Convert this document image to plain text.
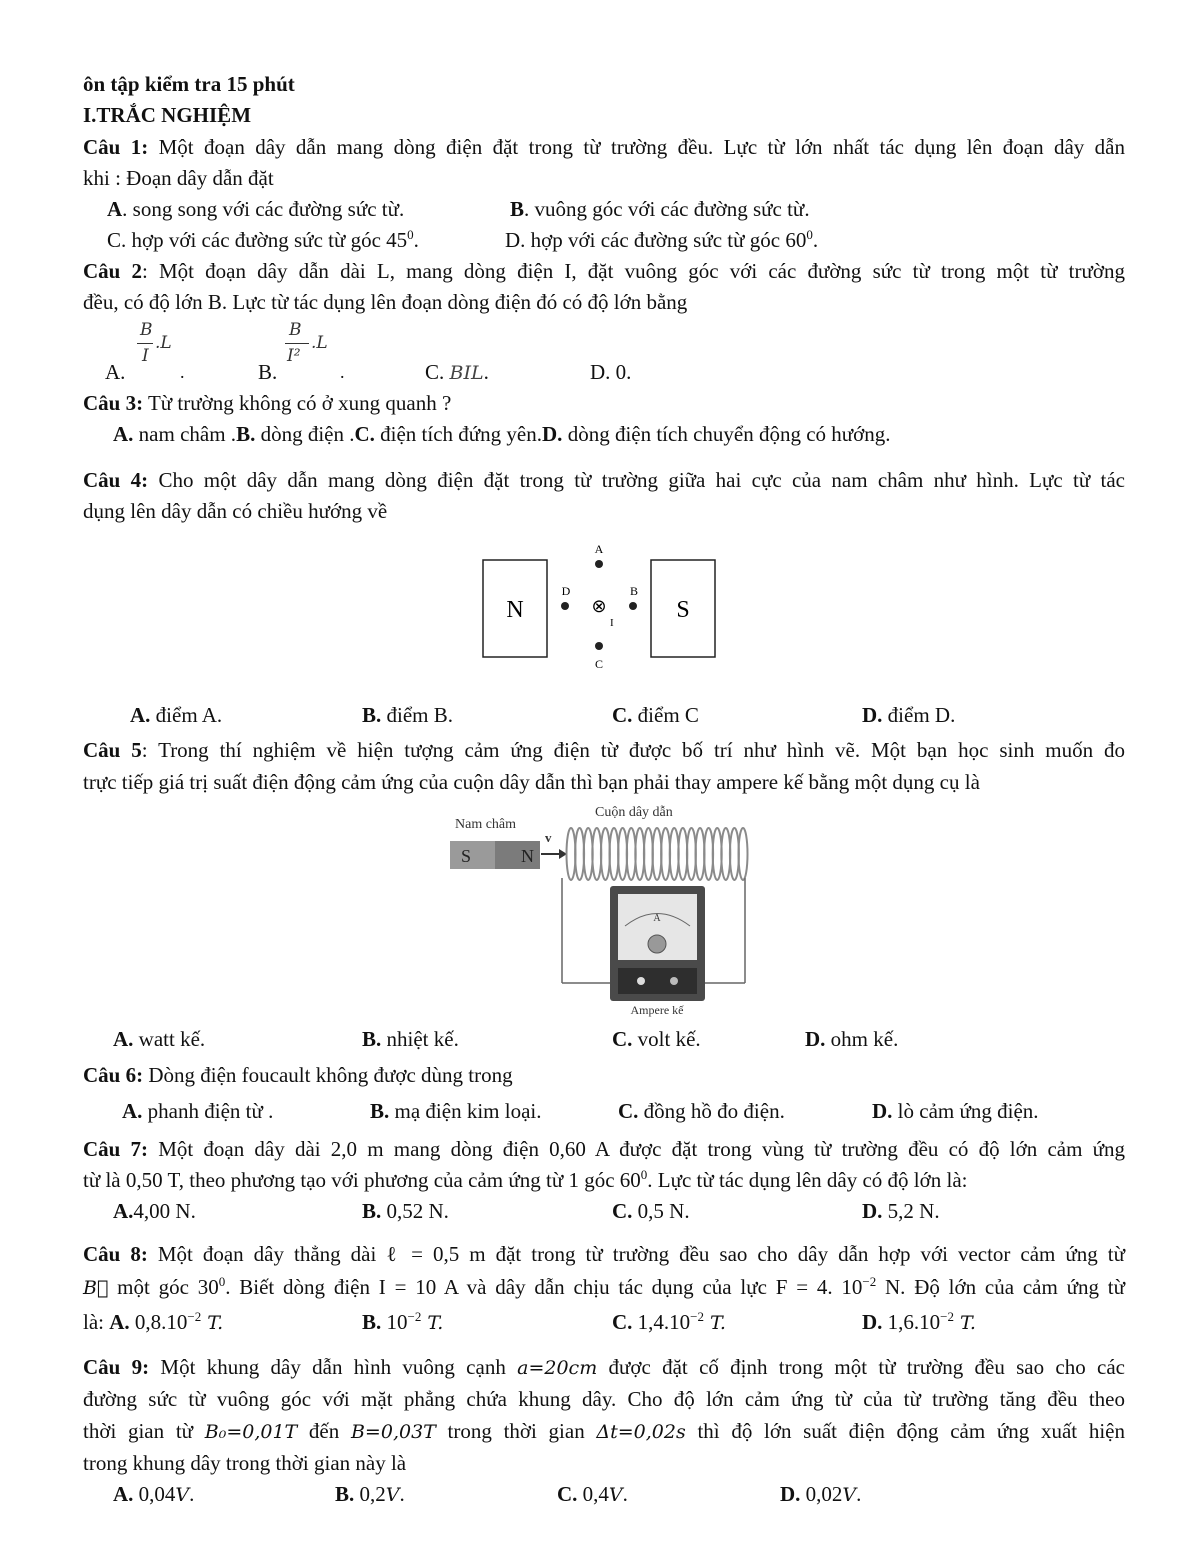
ôn tập kiểm tra 15 phút
I.TRẮC NGHIỆM
Câu 1: Một đoạn dây dẫn mang dòng điện đặt trong từ trường đều. Lực từ lớn nhất tác dụng lên đoạn dây dẫn
khi : Đoạn dây dẫn đặt
A. song song với các đường sức từ.	B. vuông góc với các đường sức từ.
C. hợp với các đường sức từ góc $45^0$.	D. hợp với các đường sức từ góc $60^0$.
Câu 2: Một đoạn dây dẫn dài L, mang dòng điện I, đặt vuông góc với các đường sức từ trong một từ trường
đều, có độ lớn B. Lực từ tác dụng lên đoạn dòng điện đó có độ lớn bằng
A.
B
I
.L
.	B.
B
I²
.L
.	C. BIL.	D. 0.
Câu 3: Từ trường không có ở xung quanh ?
A. nam châm .B. dòng điện .C. điện tích đứng yên.D. dòng điện tích chuyển động có hướng.
Câu 4: Cho một dây dẫn mang dòng điện đặt trong từ trường giữa hai cực của nam châm như hình. Lực từ tác
dụng lên dây dẫn có chiều hướng về
N	S
A
D	B
C
⊗
I
A. điểm A.	B. điểm B.	C. điểm C	D. điểm D.
Câu 5: Trong thí nghiệm về hiện tượng cảm ứng điện từ được bố trí như hình vẽ. Một bạn học sinh muốn đo
trực tiếp giá trị suất điện động cảm ứng của cuộn dây dẫn thì bạn phải thay ampere kế bằng một dụng cụ là
Nam châm
Cuộn dây dẫn
S	N
v
A
Ampere kế
A. watt kế.	B. nhiệt kế.	C. volt kế.	D. ohm kế.
Câu 6: Dòng điện foucault không được dùng trong
A. phanh điện từ .	B. mạ điện kim loại.	C. đồng hồ đo điện.	D. lò cảm ứng điện.
Câu 7: Một đoạn dây dài 2,0 m mang dòng điện 0,60 A được đặt trong vùng từ trường đều có độ lớn cảm ứng
từ là 0,50 T, theo phương tạo với phương của cảm ứng từ 1 góc $60^0$. Lực từ tác dụng lên dây có độ lớn là:
A.4,00 N.	B. 0,52 N.	C. 0,5 N.	D. 5,2 N.
Câu 8: Một đoạn dây thẳng dài ℓ = 0,5 m đặt trong từ trường đều sao cho dây dẫn hợp với vector cảm ứng từ
B⃗ một góc $30^0$. Biết dòng điện I = 10 A và dây dẫn chịu tác dụng của lực F = 4. $10^{-2}$ N. Độ lớn của cảm ứng từ
là: A. $0,8.10^{-2}$ T.	B. $10^{-2}$ T.	C. $1,4.10^{-2}$ T.	D. $1,6.10^{-2}$ T.
Câu 9: Một khung dây dẫn hình vuông cạnh a=20cm được đặt cố định trong một từ trường đều sao cho các
đường sức từ vuông góc với mặt phẳng chứa khung dây. Cho độ lớn cảm ứng từ của từ trường tăng đều theo
thời gian từ B₀=0,01T đến B=0,03T trong thời gian Δt=0,02s thì độ lớn suất điện động cảm ứng xuất hiện
trong khung dây trong thời gian này là
A. 0,04V.	B. 0,2V.	C. 0,4V.	D. 0,02V.
